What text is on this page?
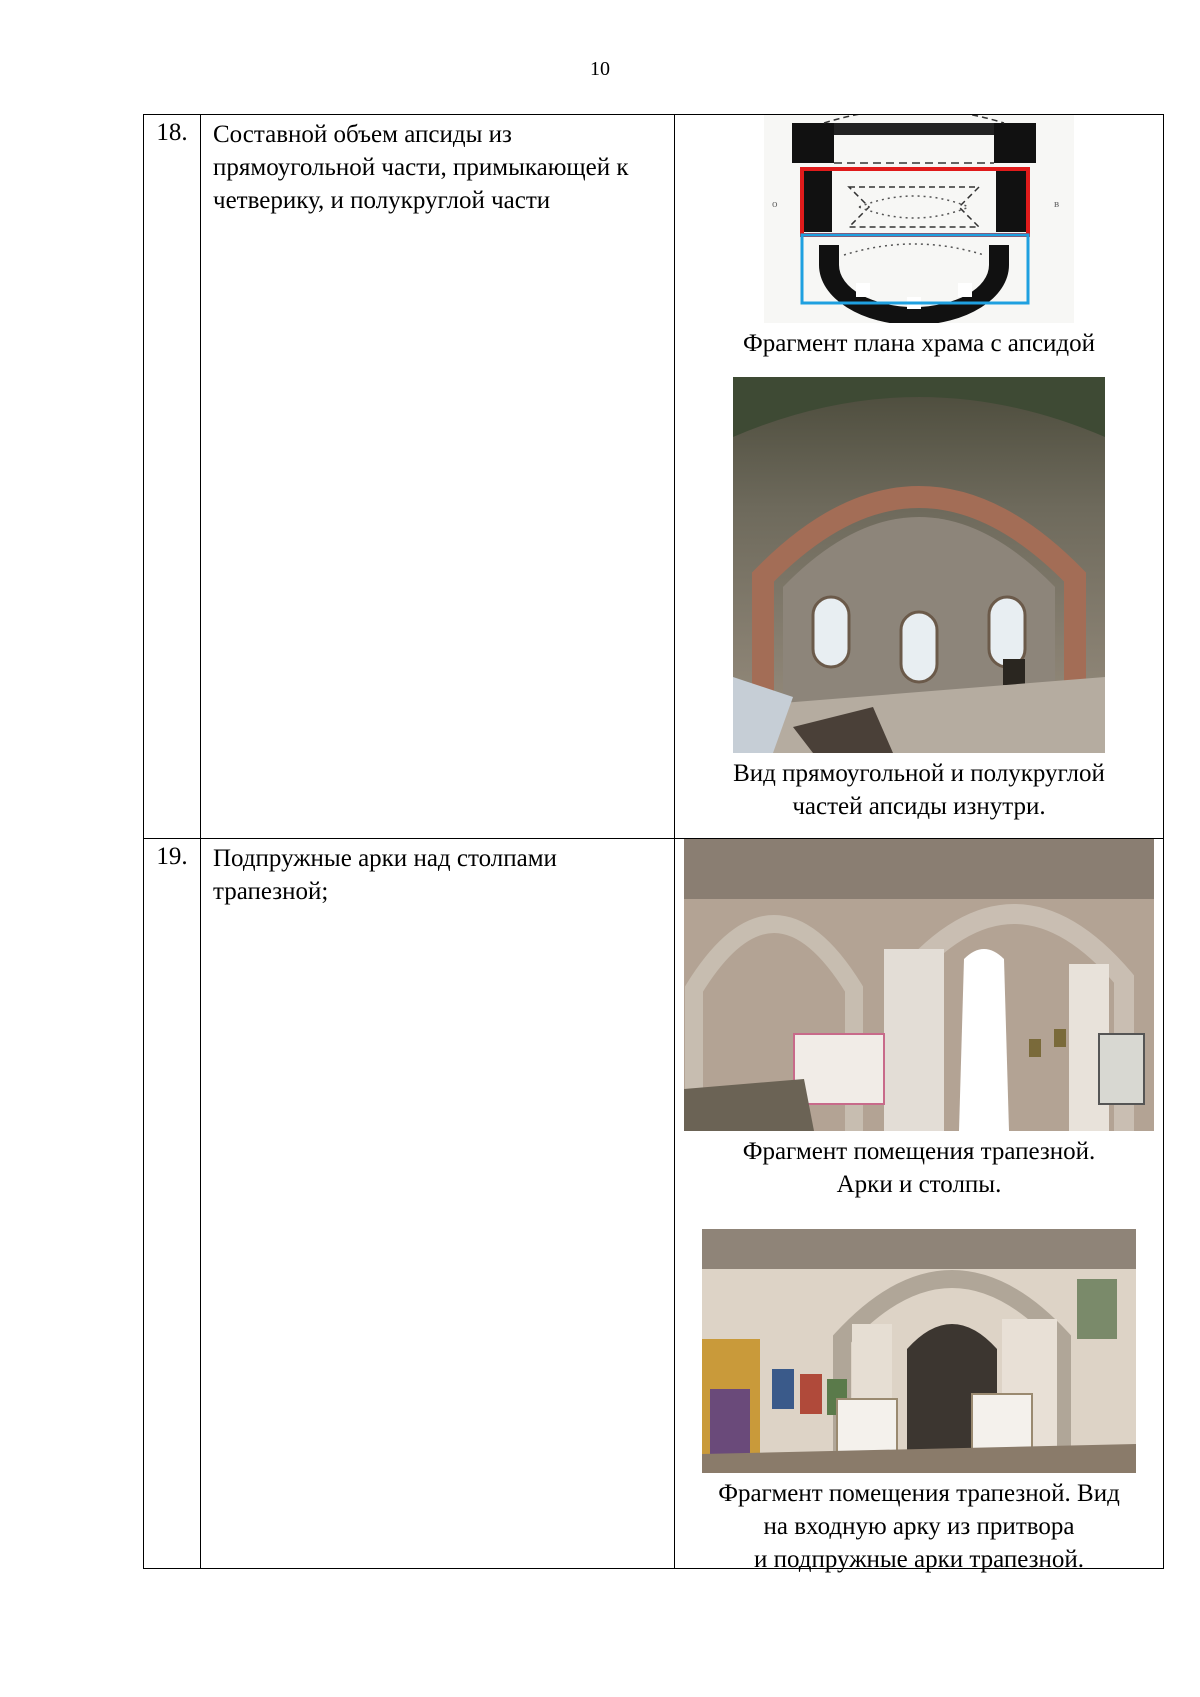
10
18.	Составной объем апсиды из прямоугольной части, примыкающей к четверику, и полукруглой части	о в

Фрагмент плана храма с апсидой

Вид прямоугольной и полукруглой

частей апсиды изнутри.

19.	Подпружные арки над столпами трапезной;	Фрагмент помещения трапезной.

Арки и столпы.

Фрагмент помещения трапезной. Вид

на входную арку из притвора

и подпружные арки трапезной.
